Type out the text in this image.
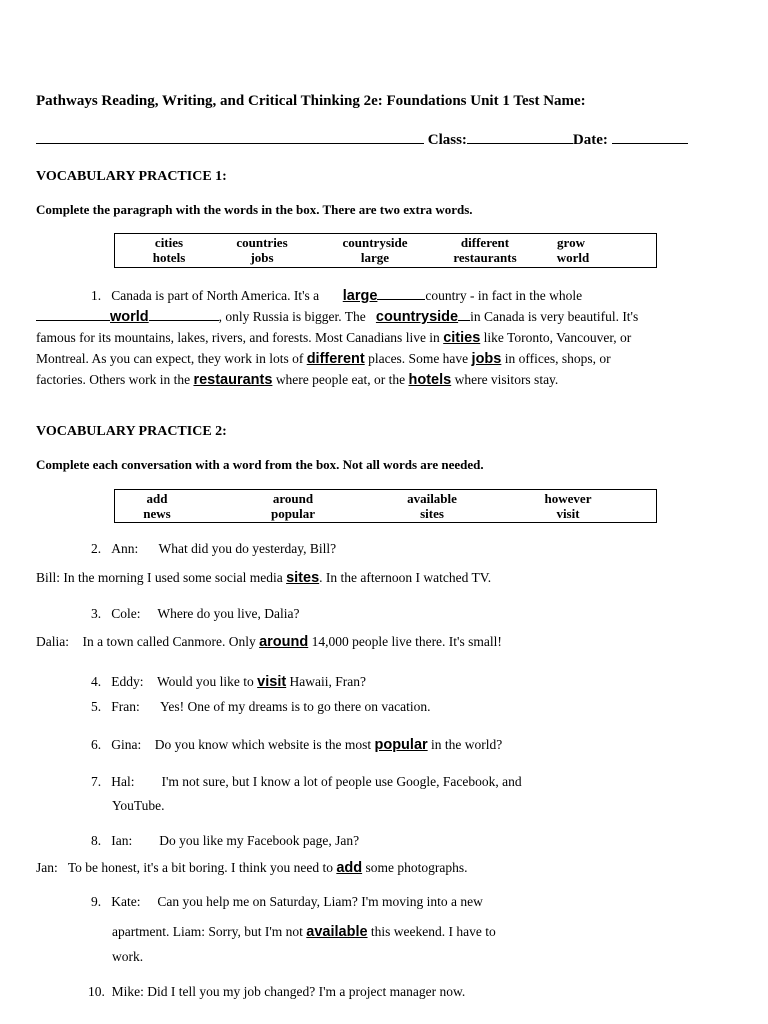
Pathways Reading, Writing, and Critical Thinking 2e: Foundations Unit 1 Test Name:
Class:	Date:
VOCABULARY PRACTICE 1:
Complete the paragraph with the words in the box. There are two extra words.
cities	countries	countryside	different	grow
hotels	jobs	large	restaurants	world
1. Canada is part of North America. It's a       large	country - in fact in the whole
world	, only Russia is bigger. The   countryside in Canada is very beautiful. It's
famous for its mountains, lakes, rivers, and forests. Most Canadians live in cities like Toronto, Vancouver, or
Montreal. As you can expect, they work in lots of different places. Some have jobs in offices, shops, or
factories. Others work in the restaurants where people eat, or the hotels where visitors stay.
VOCABULARY PRACTICE 2:
Complete each conversation with a word from the box. Not all words are needed.
add	around	available	however
news	popular	sites	visit
2. Ann: What did you do yesterday, Bill?
Bill: In the morning I used some social media sites. In the afternoon I watched TV.
3. Cole: Where do you live, Dalia?
Dalia: In a town called Canmore. Only around 14,000 people live there. It's small!
4. Eddy: Would you like to visit Hawaii, Fran?
5. Fran: Yes! One of my dreams is to go there on vacation.
6. Gina: Do you know which website is the most popular in the world?
7. Hal: I'm not sure, but I know a lot of people use Google, Facebook, and
YouTube.
8. Ian: Do you like my Facebook page, Jan?
Jan: To be honest, it's a bit boring. I think you need to add some photographs.
9. Kate: Can you help me on Saturday, Liam? I'm moving into a new
apartment. Liam: Sorry, but I'm not available this weekend. I have to
work.
10. Mike: Did I tell you my job changed? I'm a project manager now.
